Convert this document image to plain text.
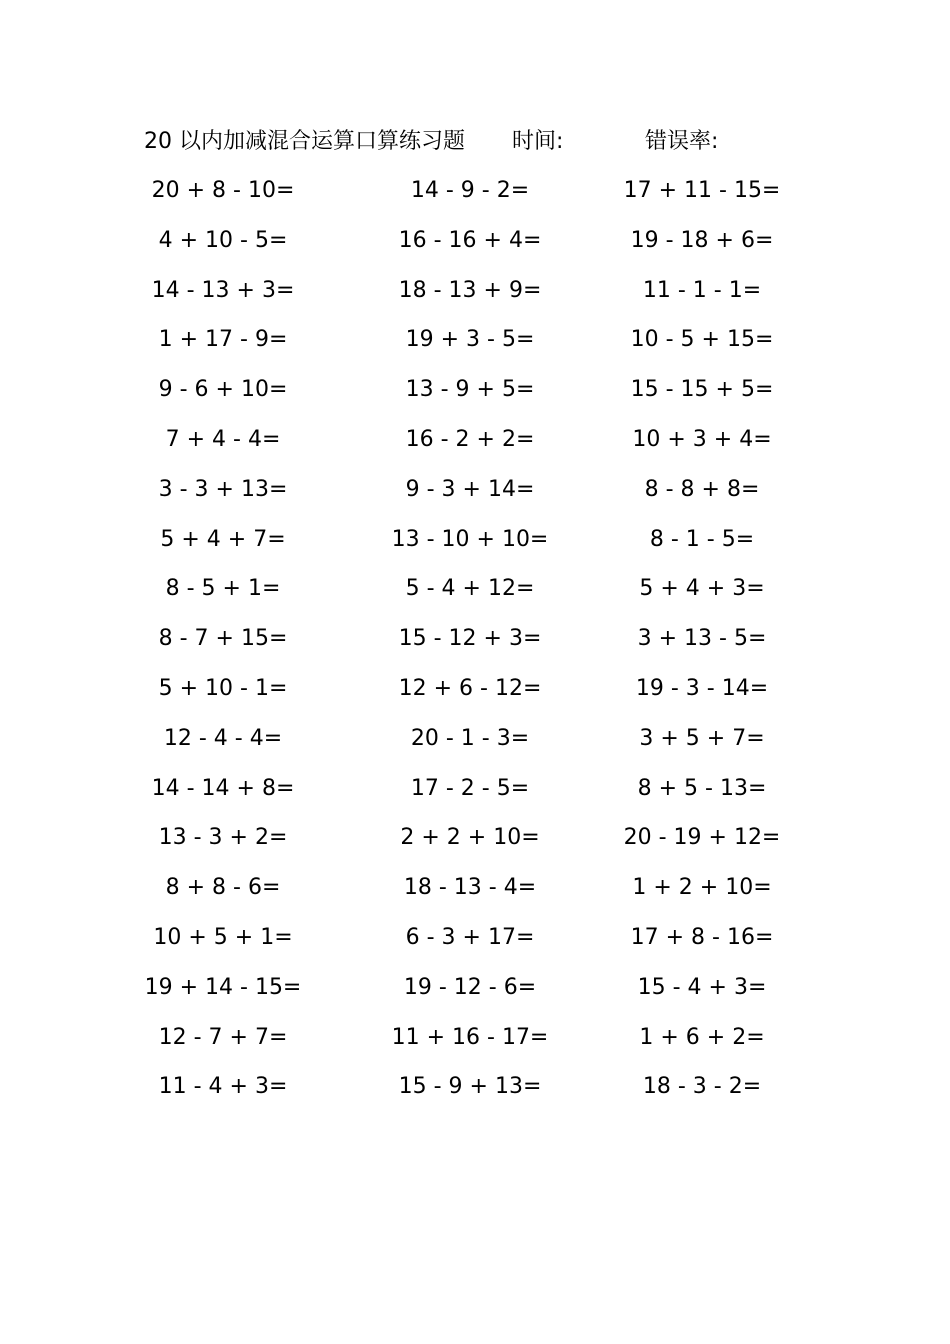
20 以内加减混合运算口算练习题 时间:	错误率:
20 + 8 - 10=	14 - 9 - 2=	17 + 11 - 15=
4 + 10 - 5=	16 - 16 + 4=	19 - 18 + 6=
14 - 13 + 3=	18 - 13 + 9=	11 - 1 - 1=
1 + 17 - 9=	19 + 3 - 5=	10 - 5 + 15=
9 - 6 + 10=	13 - 9 + 5=	15 - 15 + 5=
7 + 4 - 4=	16 - 2 + 2=	10 + 3 + 4=
3 - 3 + 13=	9 - 3 + 14=	8 - 8 + 8=
5 + 4 + 7=	13 - 10 + 10=	8 - 1 - 5=
8 - 5 + 1=	5 - 4 + 12=	5 + 4 + 3=
8 - 7 + 15=	15 - 12 + 3=	3 + 13 - 5=
5 + 10 - 1=	12 + 6 - 12=	19 - 3 - 14=
12 - 4 - 4=	20 - 1 - 3=	3 + 5 + 7=
14 - 14 + 8=	17 - 2 - 5=	8 + 5 - 13=
13 - 3 + 2=	2 + 2 + 10=	20 - 19 + 12=
8 + 8 - 6=	18 - 13 - 4=	1 + 2 + 10=
10 + 5 + 1=	6 - 3 + 17=	17 + 8 - 16=
19 + 14 - 15=	19 - 12 - 6=	15 - 4 + 3=
12 - 7 + 7=	11 + 16 - 17=	1 + 6 + 2=
11 - 4 + 3=	15 - 9 + 13=	18 - 3 - 2=
